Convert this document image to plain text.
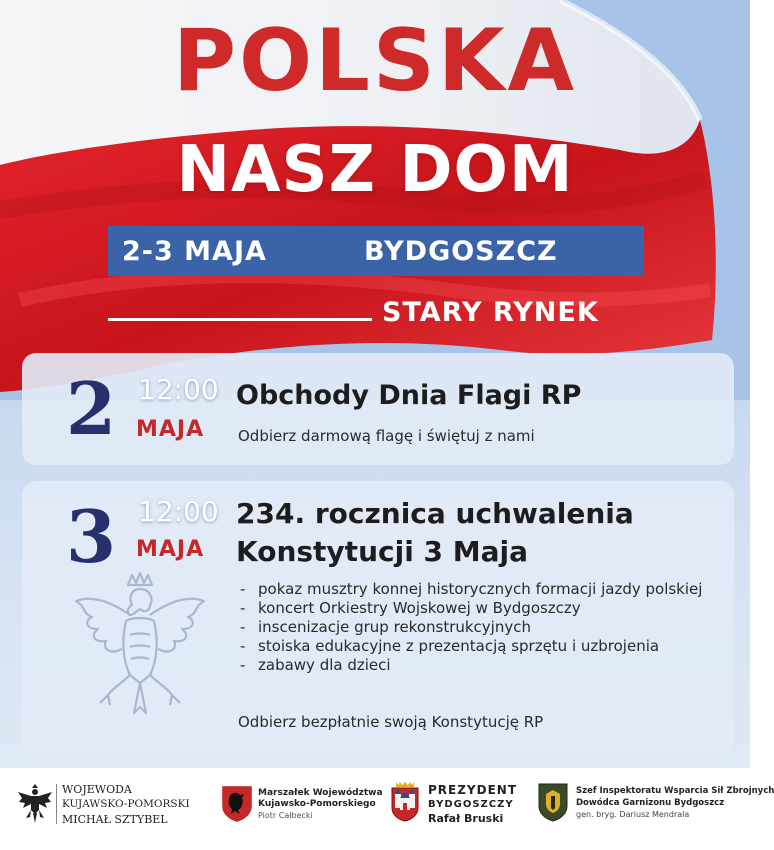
POLSKA
NASZ DOM
2-3 MAJA	BYDGOSZCZ
STARY RYNEK
2 12:00
MAJA
Obchody Dnia Flagi RP
Odbierz darmową flagę i świętuj z nami
3 12:00
MAJA
234. rocznica uchwalenia
Konstytucji 3 Maja
- pokaz musztry konnej historycznych formacji jazdy polskiej
- koncert Orkiestry Wojskowej w Bydgoszczy
- inscenizacje grup rekonstrukcyjnych
- stoiska edukacyjne z prezentacją sprzętu i uzbrojenia
- zabawy dla dzieci
Odbierz bezpłatnie swoją Konstytucję RP
WOJEWODA
KUJAWSKO-POMORSKI
MICHAŁ SZTYBEL
Marszałek Województwa
Kujawsko-Pomorskiego
Piotr Całbecki
PREZYDENT
BYDGOSZCZY
Rafał Bruski
Szef Inspektoratu Wsparcia Sił Zbrojnych
Dowódca Garnizonu Bydgoszcz
gen. bryg. Dariusz Mendrala
